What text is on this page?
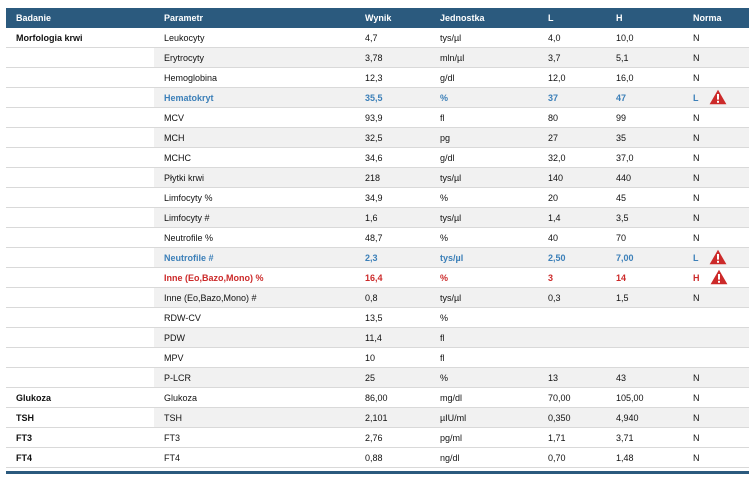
Badanie	Parametr	Wynik	Jednostka	L	H	Norma
Morfologia krwi	Leukocyty	4,7	tys/µl	4,0	10,0	N
	Erytrocyty	3,78	mln/µl	3,7	5,1	N
	Hemoglobina	12,3	g/dl	12,0	16,0	N
	Hematokryt	35,5	%	37	47	L

	MCV	93,9	fl	80	99	N
	MCH	32,5	pg	27	35	N
	MCHC	34,6	g/dl	32,0	37,0	N
	Płytki krwi	218	tys/µl	140	440	N
	Limfocyty %	34,9	%	20	45	N
	Limfocyty #	1,6	tys/µl	1,4	3,5	N
	Neutrofile %	48,7	%	40	70	N
	Neutrofile #	2,3	tys/µl	2,50	7,00	L

	Inne (Eo,Bazo,Mono) %	16,4	%	3	14	H

	Inne (Eo,Bazo,Mono) #	0,8	tys/µl	0,3	1,5	N
	RDW-CV	13,5	%			
	PDW	11,4	fl			
	MPV	10	fl			
	P-LCR	25	%	13	43	N
Glukoza	Glukoza	86,00	mg/dl	70,00	105,00	N
TSH	TSH	2,101	µIU/ml	0,350	4,940	N
FT3	FT3	2,76	pg/ml	1,71	3,71	N
FT4	FT4	0,88	ng/dl	0,70	1,48	N
